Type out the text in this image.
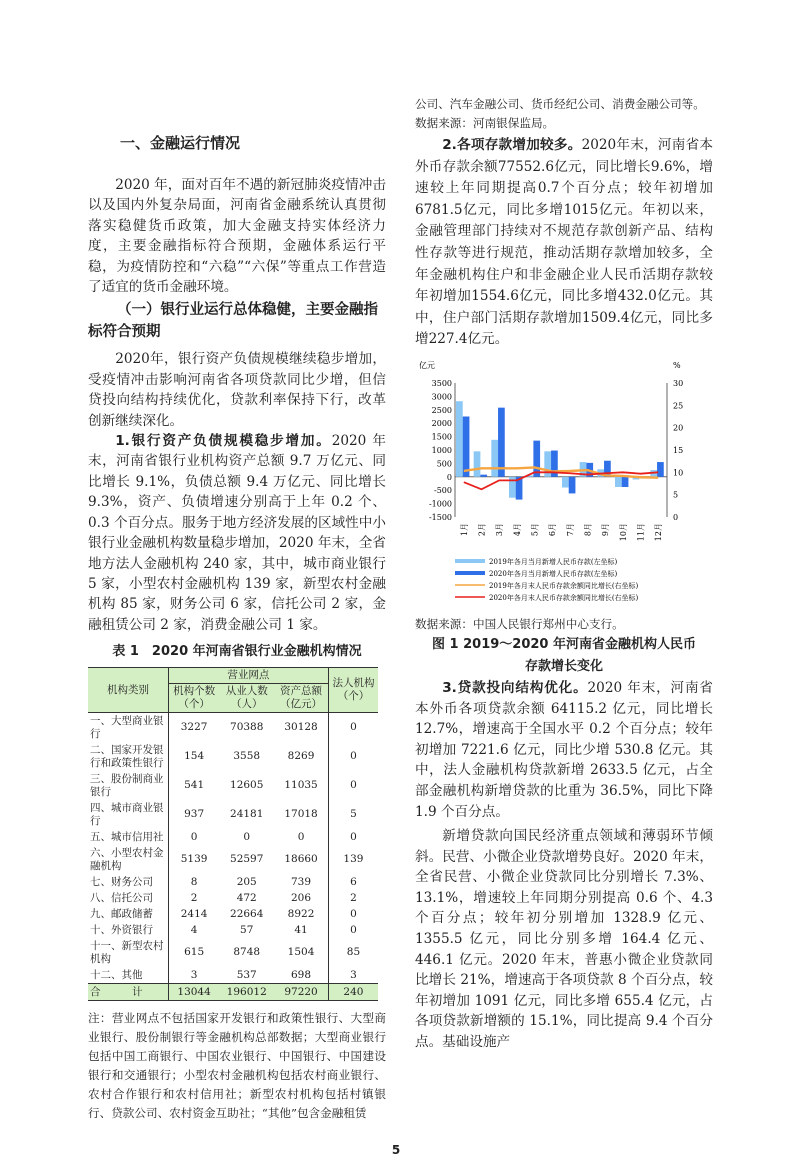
一、金融运行情况
2020 年，面对百年不遇的新冠肺炎疫情冲击以及国内外复杂局面，河南省金融系统认真贯彻落实稳健货币政策，加大金融支持实体经济力度，主要金融指标符合预期，金融体系运行平稳，为疫情防控和“六稳”“六保”等重点工作营造了适宜的货币金融环境。
（一）银行业运行总体稳健，主要金融指标符合预期
2020年，银行资产负债规模继续稳步增加，受疫情冲击影响河南省各项贷款同比少增，但信贷投向结构持续优化，贷款利率保持下行，改革创新继续深化。
1.银行资产负债规模稳步增加。2020 年末，河南省银行业机构资产总额 9.7 万亿元、同比增长 9.1%，负债总额 9.4 万亿元、同比增长 9.3%，资产、负债增速分别高于上年 0.2 个、0.3 个百分点。服务于地方经济发展的区域性中小银行业金融机构数量稳步增加，2020 年末，全省地方法人金融机构 240 家，其中，城市商业银行 5 家，小型农村金融机构 139 家，新型农村金融机构 85 家，财务公司 6 家，信托公司 2 家，金融租赁公司 2 家，消费金融公司 1 家。
表 1　2020 年河南省银行业金融机构情况
机构类别	营业网点			法人机构（个）
	机构个数（个）	从业人数（人）	资产总额（亿元）	
一、大型商业银行	3227	70388	30128	0
二、国家开发银行和政策性银行	154	3558	8269	0
三、股份制商业银行	541	12605	11035	0
四、城市商业银行	937	24181	17018	5
五、城市信用社	0	0	0	0
六、小型农村金融机构	5139	52597	18660	139
七、财务公司	8	205	739	6
八、信托公司	2	472	206	2
九、邮政储蓄	2414	22664	8922	0
十、外资银行	4	57	41	0
十一、新型农村机构	615	8748	1504	85
十二、其他	3	537	698	3
合　　　计	13044	196012	97220	240
注：营业网点不包括国家开发银行和政策性银行、大型商业银行、股份制银行等金融机构总部数据；大型商业银行包括中国工商银行、中国农业银行、中国银行、中国建设银行和交通银行；小型农村金融机构包括农村商业银行、农村合作银行和农村信用社；新型农村机构包括村镇银行、贷款公司、农村资金互助社；“其他”包含金融租赁
公司、汽车金融公司、货币经纪公司、消费金融公司等。
数据来源：河南银保监局。
2.各项存款增加较多。2020年末，河南省本外币存款余额77552.6亿元，同比增长9.6%，增速较上年同期提高0.7个百分点；较年初增加6781.5亿元，同比多增1015亿元。年初以来，金融管理部门持续对不规范存款创新产品、结构性存款等进行规范，推动活期存款增加较多，全年金融机构住户和非金融企业人民币活期存款较年初增加1554.6亿元，同比多增432.0亿元。其中，住户部门活期存款增加1509.4亿元，同比多增227.4亿元。
亿元	%
3500
3000
2500
2000
1500
1000
500
0
-500
-1000
-1500
30
25
20
15
10
5
0
1月 2月 3月 4月 5月 6月 7月 8月 9月 10月 11月 12月
2019年各月当月新增人民币存款(左坐标)
2020年各月当月新增人民币存款(左坐标)
2019年各月末人民币存款余额同比增长(右坐标)
2020年各月末人民币存款余额同比增长(右坐标)
数据来源：中国人民银行郑州中心支行。
图 1 2019～2020 年河南省金融机构人民币
存款增长变化
3.贷款投向结构优化。2020 年末，河南省本外币各项贷款余额 64115.2 亿元，同比增长 12.7%，增速高于全国水平 0.2 个百分点；较年初增加 7221.6 亿元，同比少增 530.8 亿元。其中，法人金融机构贷款新增 2633.5 亿元，占全部金融机构新增贷款的比重为 36.5%，同比下降 1.9 个百分点。
新增贷款向国民经济重点领域和薄弱环节倾斜。民营、小微企业贷款增势良好。2020 年末，全省民营、小微企业贷款同比分别增长 7.3%、13.1%，增速较上年同期分别提高 0.6 个、4.3 个百分点；较年初分别增加 1328.9 亿元、1355.5 亿元，同比分别多增 164.4 亿元、446.1 亿元。2020 年末，普惠小微企业贷款同比增长 21%，增速高于各项贷款 8 个百分点，较年初增加 1091 亿元，同比多增 655.4 亿元，占各项贷款新增额的 15.1%，同比提高 9.4 个百分点。基础设施产
5
